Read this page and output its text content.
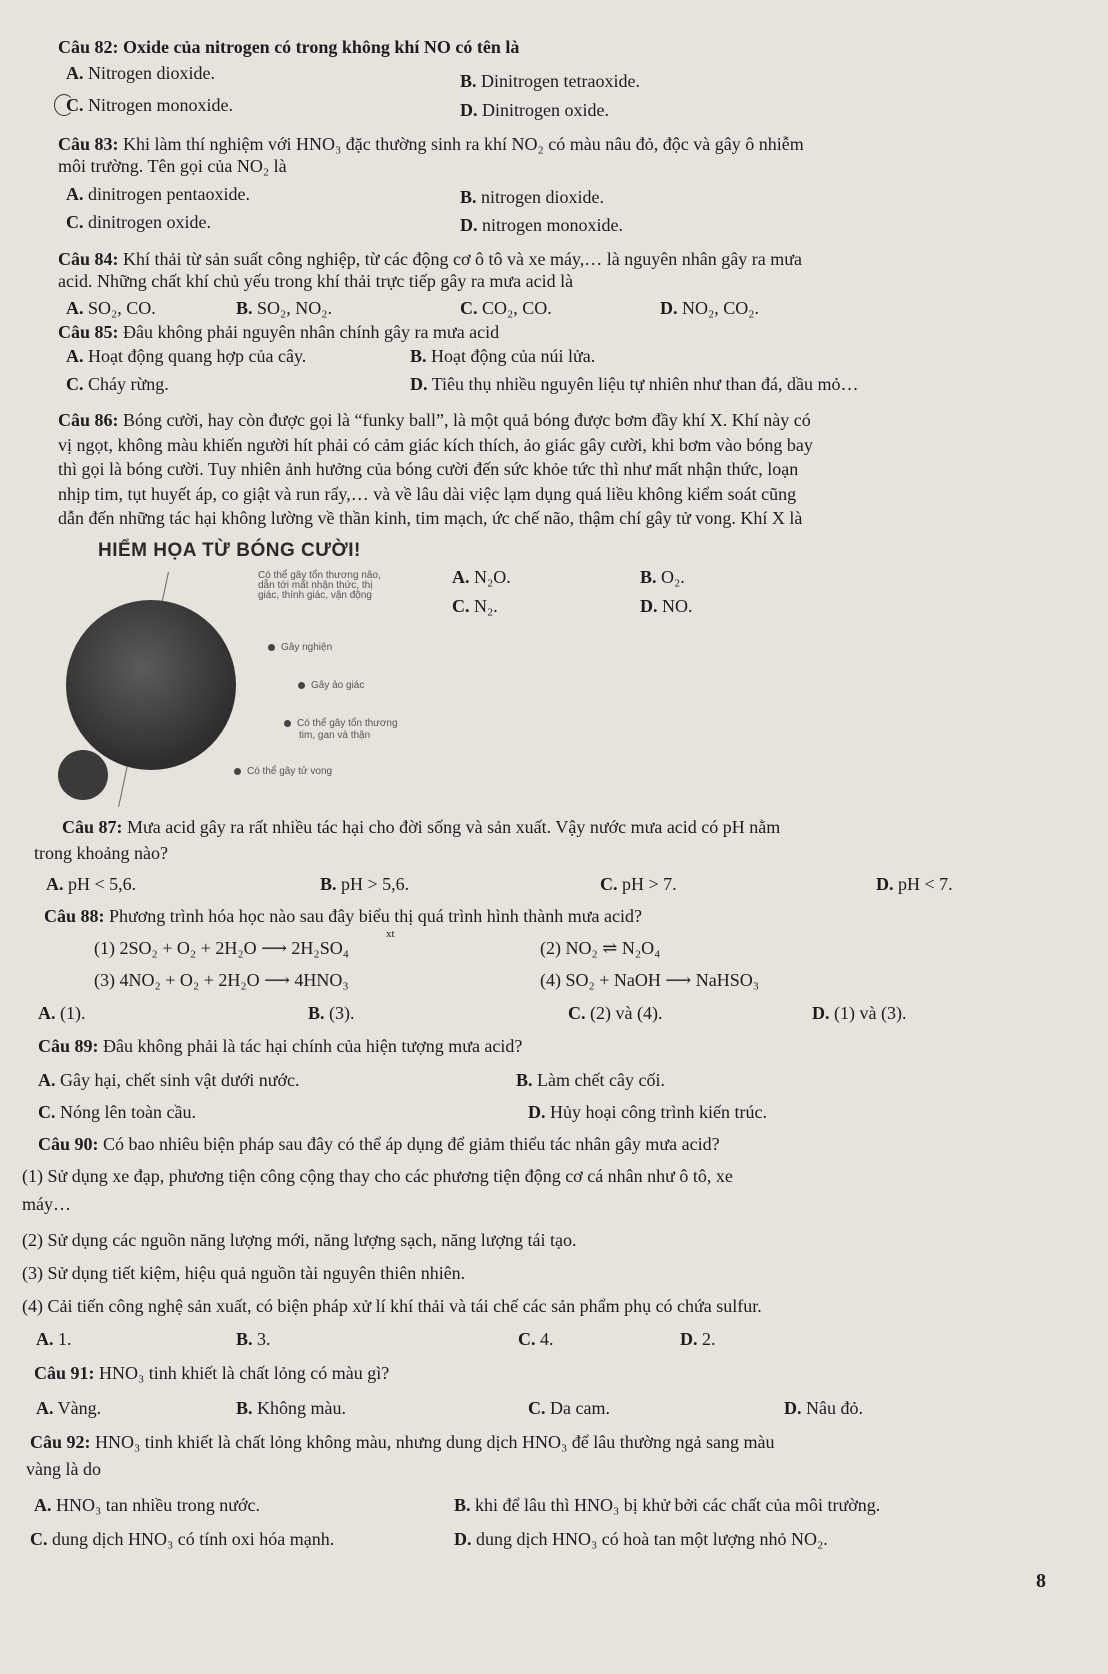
Câu 82: Oxide của nitrogen có trong không khí NO có tên là
A. Nitrogen dioxide.	B. Dinitrogen tetraoxide.
C. Nitrogen monoxide.	D. Dinitrogen oxide.
Câu 83: Khi làm thí nghiệm với HNO₃ đặc thường sinh ra khí NO₂ có màu nâu đỏ, độc và gây ô nhiễm
môi trường. Tên gọi của NO₂ là
A. dinitrogen pentaoxide.	B. nitrogen dioxide.
C. dinitrogen oxide.	D. nitrogen monoxide.
Câu 84: Khí thải từ sản suất công nghiệp, từ các động cơ ô tô và xe máy,… là nguyên nhân gây ra mưa
acid. Những chất khí chủ yếu trong khí thải trực tiếp gây ra mưa acid là
A. SO₂, CO.	B. SO₂, NO₂.	C. CO₂, CO.	D. NO₂, CO₂.
Câu 85: Đâu không phải nguyên nhân chính gây ra mưa acid
A. Hoạt động quang hợp của cây.	B. Hoạt động của núi lửa.
C. Cháy rừng.	D. Tiêu thụ nhiều nguyên liệu tự nhiên như than đá, dầu mỏ…
Câu 86: Bóng cười, hay còn được gọi là “funky ball”, là một quả bóng được bơm đầy khí X. Khí này có
vị ngọt, không màu khiến người hít phải có cảm giác kích thích, ảo giác gây cười, khi bơm vào bóng bay
thì gọi là bóng cười. Tuy nhiên ảnh hưởng của bóng cười đến sức khỏe tức thì như mất nhận thức, loạn
nhịp tim, tụt huyết áp, co giật và run rẩy,… và về lâu dài việc lạm dụng quá liều không kiểm soát cũng
dẫn đến những tác hại không lường về thần kinh, tim mạch, ức chế não, thậm chí gây tử vong. Khí X là
HIỂM HỌA TỪ BÓNG CƯỜI!
Có thể gây tổn thương não,
dẫn tới mất nhận thức, thị
giác, thính giác, vận động
Gây nghiện
Gây ảo giác
Có thể gây tổn thương
tim, gan và thận
Có thể gây tử vong
A. N₂O.	B. O₂.
C. N₂.	D. NO.
Câu 87: Mưa acid gây ra rất nhiều tác hại cho đời sống và sản xuất. Vậy nước mưa acid có pH nằm
trong khoảng nào?
A. pH < 5,6.	B. pH > 5,6.	C. pH > 7.	D. pH < 7.
Câu 88: Phương trình hóa học nào sau đây biểu thị quá trình hình thành mưa acid?
(1) 2SO₂ + O₂ + 2H₂O ⟶ 2H₂SO₄
xt
(2) NO₂ ⇌ N₂O₄
(3) 4NO₂ + O₂ + 2H₂O ⟶ 4HNO₃	(4) SO₂ + NaOH ⟶ NaHSO₃
A. (1).	B. (3).	C. (2) và (4).	D. (1) và (3).
Câu 89: Đâu không phải là tác hại chính của hiện tượng mưa acid?
A. Gây hại, chết sinh vật dưới nước.	B. Làm chết cây cối.
C. Nóng lên toàn cầu.	D. Hủy hoại công trình kiến trúc.
Câu 90: Có bao nhiêu biện pháp sau đây có thể áp dụng để giảm thiểu tác nhân gây mưa acid?
(1) Sử dụng xe đạp, phương tiện công cộng thay cho các phương tiện động cơ cá nhân như ô tô, xe
máy…
(2) Sử dụng các nguồn năng lượng mới, năng lượng sạch, năng lượng tái tạo.
(3) Sử dụng tiết kiệm, hiệu quả nguồn tài nguyên thiên nhiên.
(4) Cải tiến công nghệ sản xuất, có biện pháp xử lí khí thải và tái chế các sản phẩm phụ có chứa sulfur.
A. 1.	B. 3.	C. 4.	D. 2.
Câu 91: HNO₃ tinh khiết là chất lỏng có màu gì?
A. Vàng.	B. Không màu.	C. Da cam.	D. Nâu đỏ.
Câu 92: HNO₃ tinh khiết là chất lỏng không màu, nhưng dung dịch HNO₃ để lâu thường ngả sang màu
vàng là do
A. HNO₃ tan nhiều trong nước.	B. khi để lâu thì HNO₃ bị khử bởi các chất của môi trường.
C. dung dịch HNO₃ có tính oxi hóa mạnh.	D. dung dịch HNO₃ có hoà tan một lượng nhỏ NO₂.
8
